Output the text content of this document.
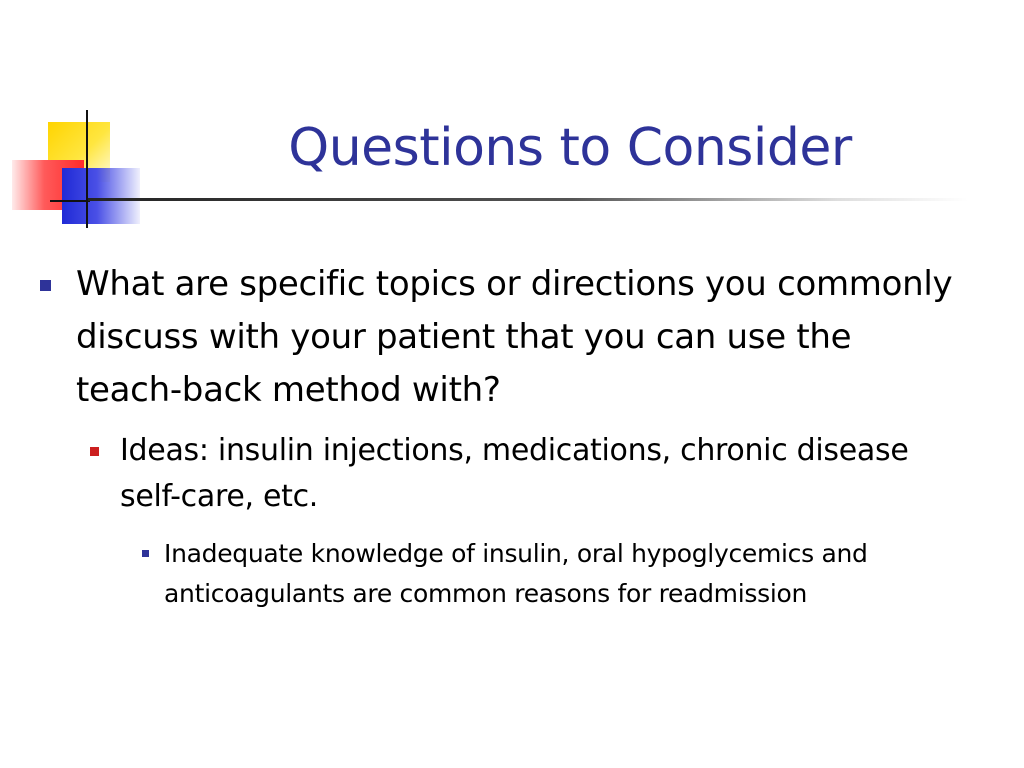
Questions to Consider
What are specific topics or directions you commonly discuss with your patient that you can use the teach-back method with?
Ideas: insulin injections, medications, chronic disease self-care, etc.
Inadequate knowledge of insulin, oral hypoglycemics and anticoagulants are common reasons for readmission
